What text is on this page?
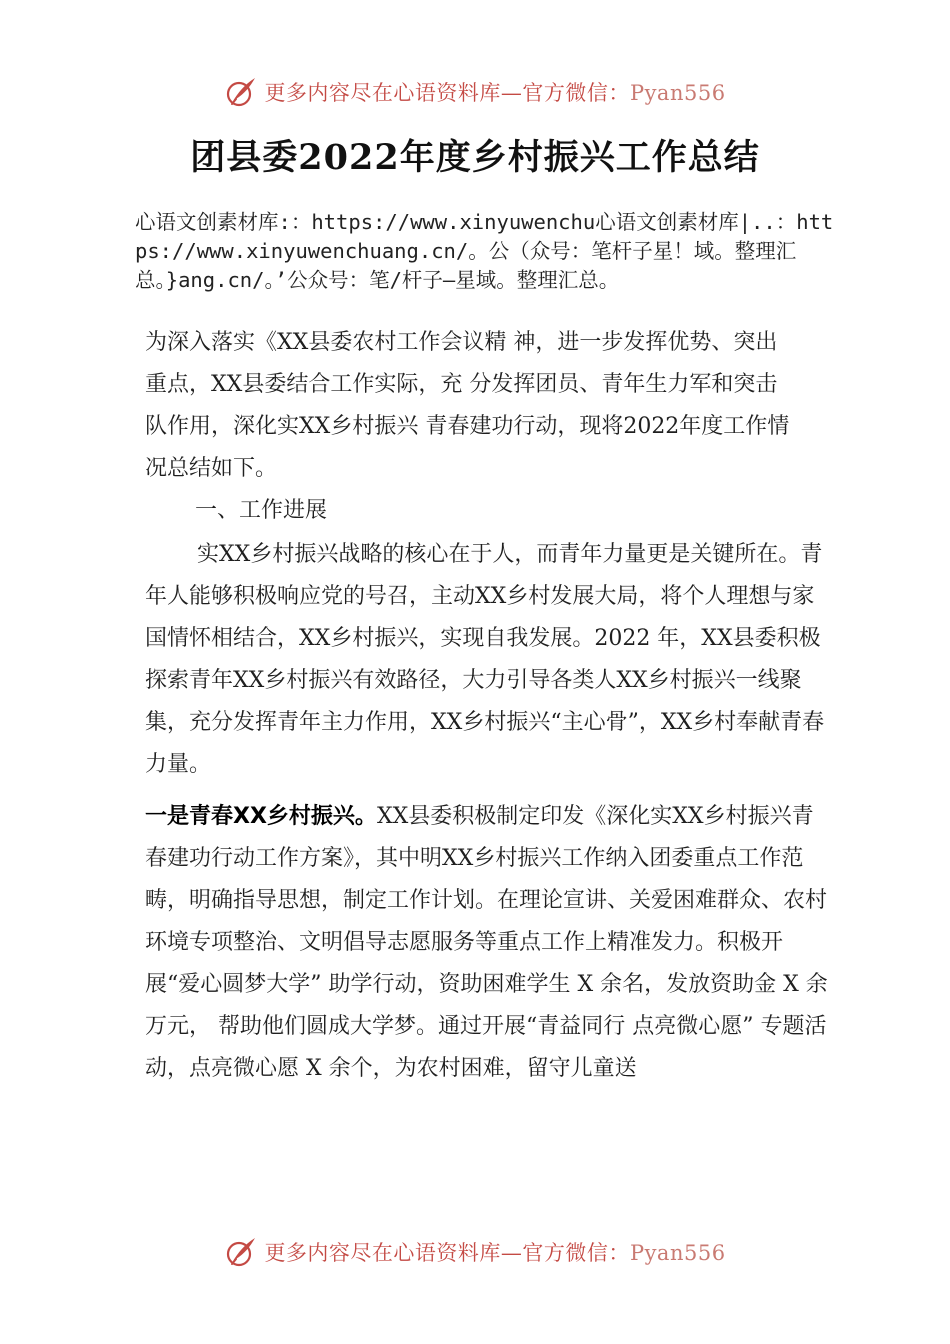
更多内容尽在心语资料库—官方微信：Pyan556
团县委2022年度乡村振兴工作总结

心语文创素材库:：https://www.xinyuwenchu心语文创素材库|..：https://www.xinyuwenchuang.cn/。公（众号：笔杆子星！域。整理汇总。}ang.cn/。’公众号：笔/杆子—星域。整理汇总。

为深入落实《XX县委农村工作会议精 神，进一步发挥优势、突出重点，XX县委结合工作实际，充 分发挥团员、青年生力军和突击队作用，深化实XX乡村振兴 青春建功行动，现将2022年度工作情况总结如下。

一、工作进展

实XX乡村振兴战略的核心在于人，而青年力量更是关键所在。青年人能够积极响应党的号召，主动XX乡村发展大局，将个人理想与家国情怀相结合，XX乡村振兴，实现自我发展。2022 年，XX县委积极探索青年XX乡村振兴有效路径，大力引导各类人XX乡村振兴一线聚集，充分发挥青年主力作用，XX乡村振兴“主心骨”，XX乡村奉献青春力量。

一是青春XX乡村振兴。XX县委积极制定印发《深化实XX乡村振兴青春建功行动工作方案》，其中明XX乡村振兴工作纳入团委重点工作范畴，明确指导思想，制定工作计划。在理论宣讲、关爱困难群众、农村环境专项整治、文明倡导志愿服务等重点工作上精准发力。积极开展“爱心圆梦大学” 助学行动，资助困难学生 X 余名，发放资助金 X 余万元， 帮助他们圆成大学梦。通过开展“青益同行 点亮微心愿” 专题活动，点亮微心愿 X 余个，为农村困难，留守儿童送

更多内容尽在心语资料库—官方微信：Pyan556
